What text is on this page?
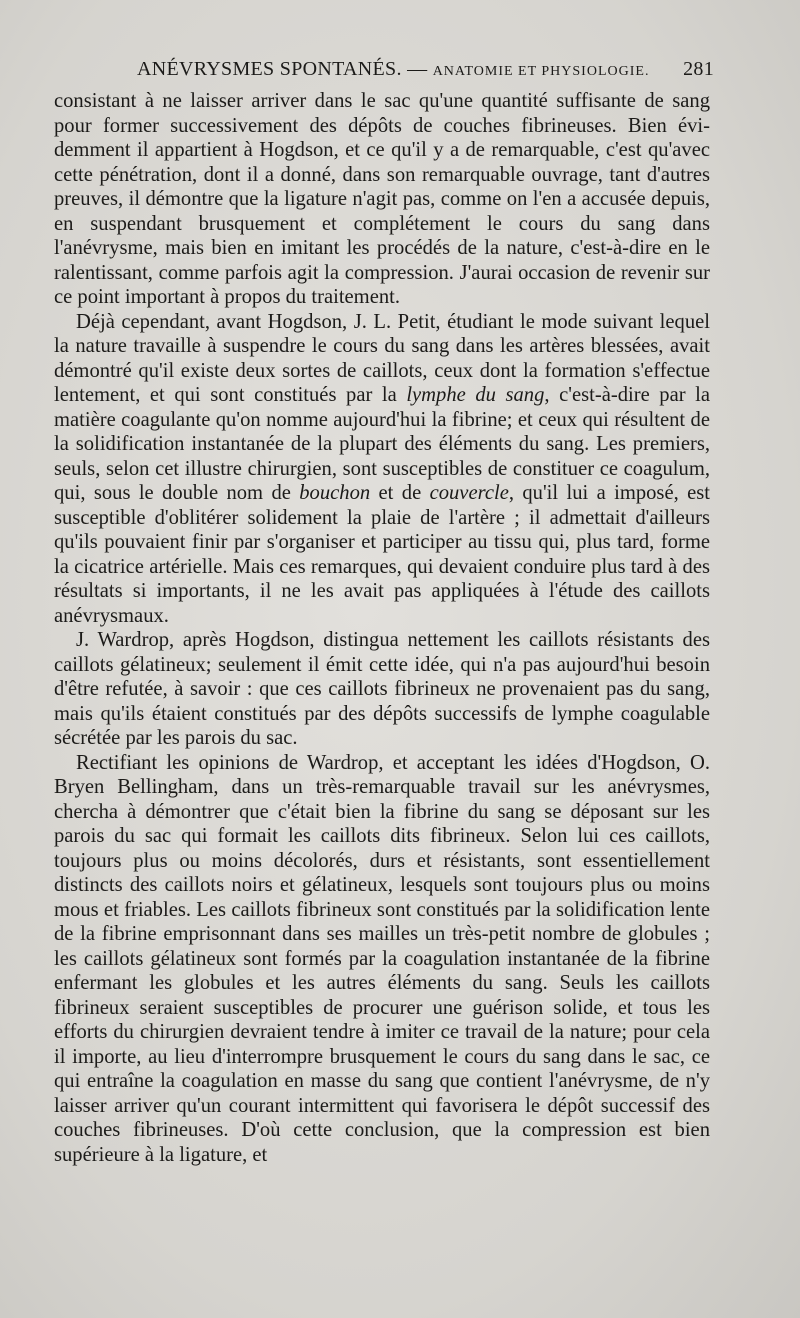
ANÉVRYSMES SPONTANÉS. — ANATOMIE ET PHYSIOLOGIE. 281

consistant à ne laisser arriver dans le sac qu'une quantité suffisante de sang pour former successivement des dépôts de couches fibrineuses. Bien évidemment il appartient à Hogdson, et ce qu'il y a de remarquable, c'est qu'avec cette pénétration, dont il a donné, dans son remarquable ouvrage, tant d'autres preuves, il démontre que la ligature n'agit pas, comme on l'en a accusée depuis, en suspendant brusquement et complétement le cours du sang dans l'anévrysme, mais bien en imitant les procédés de la nature, c'est-à-dire en le ralentissant, comme parfois agit la compression. J'aurai occasion de revenir sur ce point important à propos du traitement.

Déjà cependant, avant Hogdson, J. L. Petit, étudiant le mode suivant lequel la nature travaille à suspendre le cours du sang dans les artères blessées, avait démontré qu'il existe deux sortes de caillots, ceux dont la formation s'effectue lentement, et qui sont constitués par la lymphe du sang, c'est-à-dire par la matière coagulante qu'on nomme aujourd'hui la fibrine; et ceux qui résultent de la solidification instantanée de la plupart des éléments du sang. Les premiers, seuls, selon cet illustre chirurgien, sont susceptibles de constituer ce coagulum, qui, sous le double nom de bouchon et de couvercle, qu'il lui a imposé, est susceptible d'oblitérer solidement la plaie de l'artère ; il admettait d'ailleurs qu'ils pouvaient finir par s'organiser et participer au tissu qui, plus tard, forme la cicatrice artérielle. Mais ces remarques, qui devaient conduire plus tard à des résultats si importants, il ne les avait pas appliquées à l'étude des caillots anévrysmaux.

J. Wardrop, après Hogdson, distingua nettement les caillots résistants des caillots gélatineux; seulement il émit cette idée, qui n'a pas aujourd'hui besoin d'être refutée, à savoir : que ces caillots fibrineux ne provenaient pas du sang, mais qu'ils étaient constitués par des dépôts successifs de lymphe coagulable sécrétée par les parois du sac.

Rectifiant les opinions de Wardrop, et acceptant les idées d'Hogdson, O. Bryen Bellingham, dans un très-remarquable travail sur les anévrysmes, chercha à démontrer que c'était bien la fibrine du sang se déposant sur les parois du sac qui formait les caillots dits fibrineux. Selon lui ces caillots, toujours plus ou moins décolorés, durs et résistants, sont essentiellement distincts des caillots noirs et gélatineux, lesquels sont toujours plus ou moins mous et friables. Les caillots fibrineux sont constitués par la solidification lente de la fibrine emprisonnant dans ses mailles un très-petit nombre de globules ; les caillots gélatineux sont formés par la coagulation instantanée de la fibrine enfermant les globules et les autres éléments du sang. Seuls les caillots fibrineux seraient susceptibles de procurer une guérison solide, et tous les efforts du chirurgien devraient tendre à imiter ce travail de la nature; pour cela il importe, au lieu d'interrompre brusquement le cours du sang dans le sac, ce qui entraîne la coagulation en masse du sang que contient l'anévrysme, de n'y laisser arriver qu'un courant intermittent qui favorisera le dépôt successif des couches fibrineuses. D'où cette conclusion, que la compression est bien supérieure à la ligature, et
